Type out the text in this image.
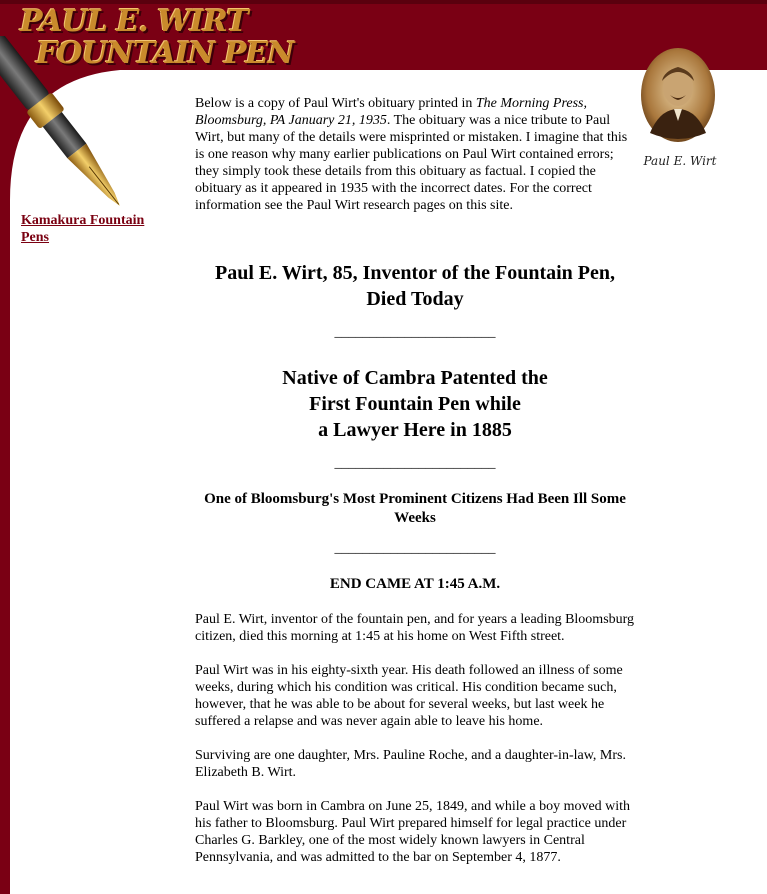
PAUL E. WIRT
FOUNTAIN PEN
Paul E. Wirt
Kamakura Fountain Pens

Below is a copy of Paul Wirt's obituary printed in The Morning Press, Bloomsburg, PA January 21, 1935. The obituary was a nice tribute to Paul Wirt, but many of the details were misprinted or mistaken. I imagine that this is one reason why many earlier publications on Paul Wirt contained errors; they simply took these details from this obituary as factual. I copied the obituary as it appeared in 1935 with the incorrect dates. For the correct information see the Paul Wirt research pages on this site.

Paul E. Wirt, 85, Inventor of the Fountain Pen, Died Today
_______________________
Native of Cambra Patented the
First Fountain Pen while
a Lawyer Here in 1885
_______________________
One of Bloomsburg's Most Prominent Citizens Had Been Ill Some Weeks
_______________________
END CAME AT 1:45 A.M.

Paul E. Wirt, inventor of the fountain pen, and for years a leading Bloomsburg citizen, died this morning at 1:45 at his home on West Fifth street.

Paul Wirt was in his eighty-sixth year. His death followed an illness of some weeks, during which his condition was critical. His condition became such, however, that he was able to be about for several weeks, but last week he suffered a relapse and was never again able to leave his home.

Surviving are one daughter, Mrs. Pauline Roche, and a daughter-in-law, Mrs. Elizabeth B. Wirt.

Paul Wirt was born in Cambra on June 25, 1849, and while a boy moved with his father to Bloomsburg. Paul Wirt prepared himself for legal practice under Charles G. Barkley, one of the most widely known lawyers in Central Pennsylvania, and was admitted to the bar on September 4, 1877.
